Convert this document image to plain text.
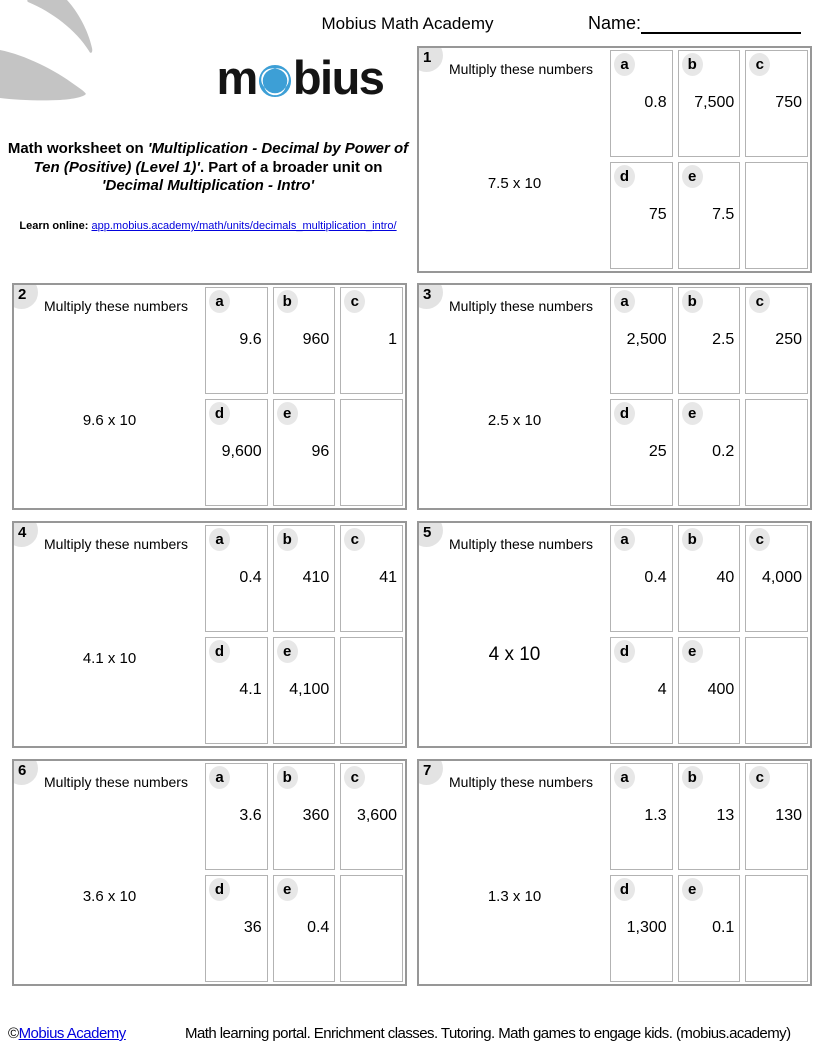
Mobius Math Academy	Name:
m bius
Math worksheet on 'Multiplication - Decimal by Power of Ten (Positive) (Level 1)'. Part of a broader unit on 'Decimal Multiplication - Intro'
Learn online: app.mobius.academy/math/units/decimals_multiplication_intro/
1
Multiply these numbers
7.5 x 10
a
0.8
b
7,500
c
750
d
75
e
7.5
2
Multiply these numbers
9.6 x 10
a
9.6
b
960
c
1
d
9,600
e
96
3
Multiply these numbers
2.5 x 10
a
2,500
b
2.5
c
250
d
25
e
0.2
4
Multiply these numbers
4.1 x 10
a
0.4
b
410
c
41
d
4.1
e
4,100
5
Multiply these numbers
4 x 10
a
0.4
b
40
c
4,000
d
4
e
400
6
Multiply these numbers
3.6 x 10
a
3.6
b
360
c
3,600
d
36
e
0.4
7
Multiply these numbers
1.3 x 10
a
1.3
b
13
c
130
d
1,300
e
0.1
©Mobius Academy	Math learning portal. Enrichment classes. Tutoring. Math games to engage kids. (mobius.academy)
